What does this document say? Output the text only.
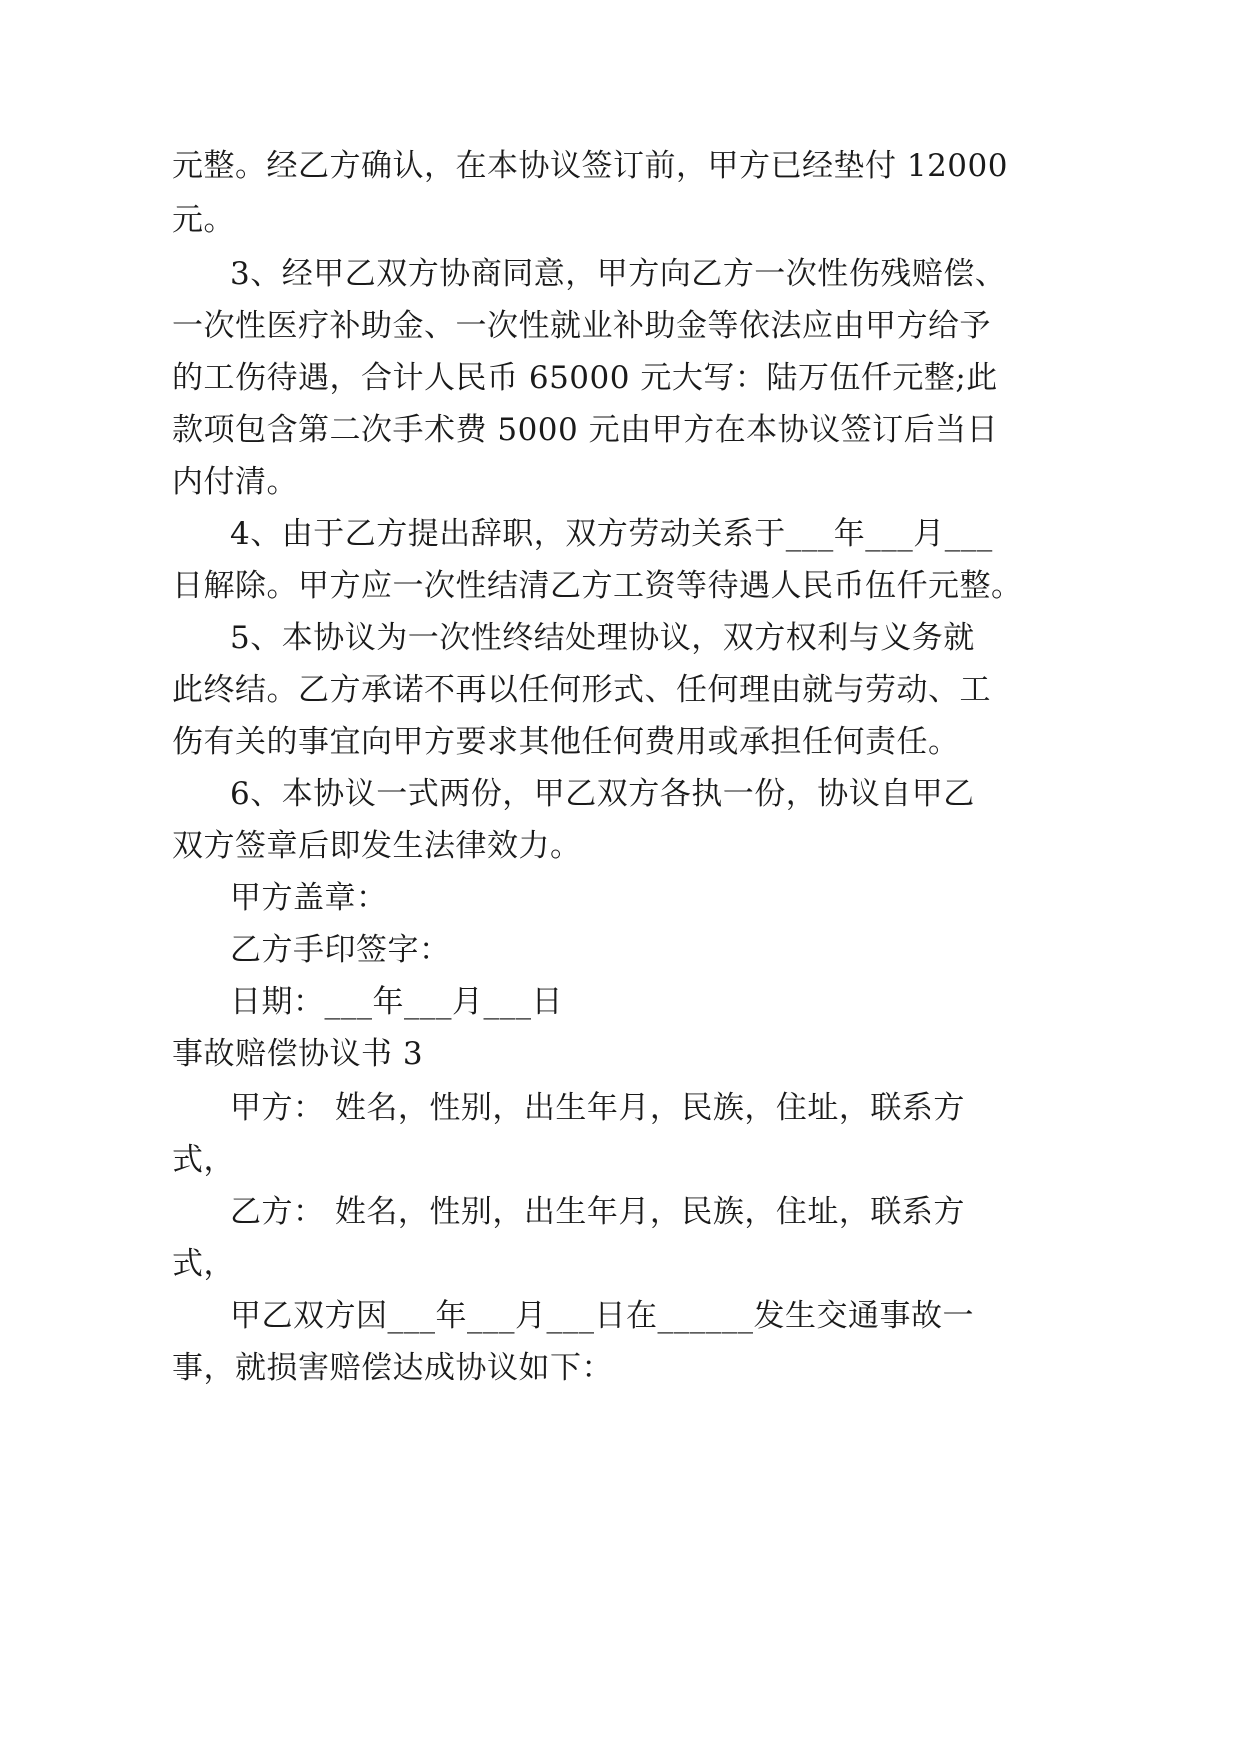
元整。经乙方确认，在本协议签订前，甲方已经垫付 12000
元。
3、经甲乙双方协商同意，甲方向乙方一次性伤残赔偿、
一次性医疗补助金、一次性就业补助金等依法应由甲方给予
的工伤待遇，合计人民币 65000 元大写：陆万伍仟元整;此
款项包含第二次手术费 5000 元由甲方在本协议签订后当日
内付清。
4、由于乙方提出辞职，双方劳动关系于___年___月___
日解除。甲方应一次性结清乙方工资等待遇人民币伍仟元整。
5、本协议为一次性终结处理协议，双方权利与义务就
此终结。乙方承诺不再以任何形式、任何理由就与劳动、工
伤有关的事宜向甲方要求其他任何费用或承担任何责任。
6、本协议一式两份，甲乙双方各执一份，协议自甲乙
双方签章后即发生法律效力。
甲方盖章：
乙方手印签字：
日期：___年___月___日
事故赔偿协议书 3
甲方： 姓名，性别，出生年月，民族，住址，联系方
式，
乙方： 姓名，性别，出生年月，民族，住址，联系方
式，
甲乙双方因___年___月___日在______发生交通事故一
事，就损害赔偿达成协议如下：
